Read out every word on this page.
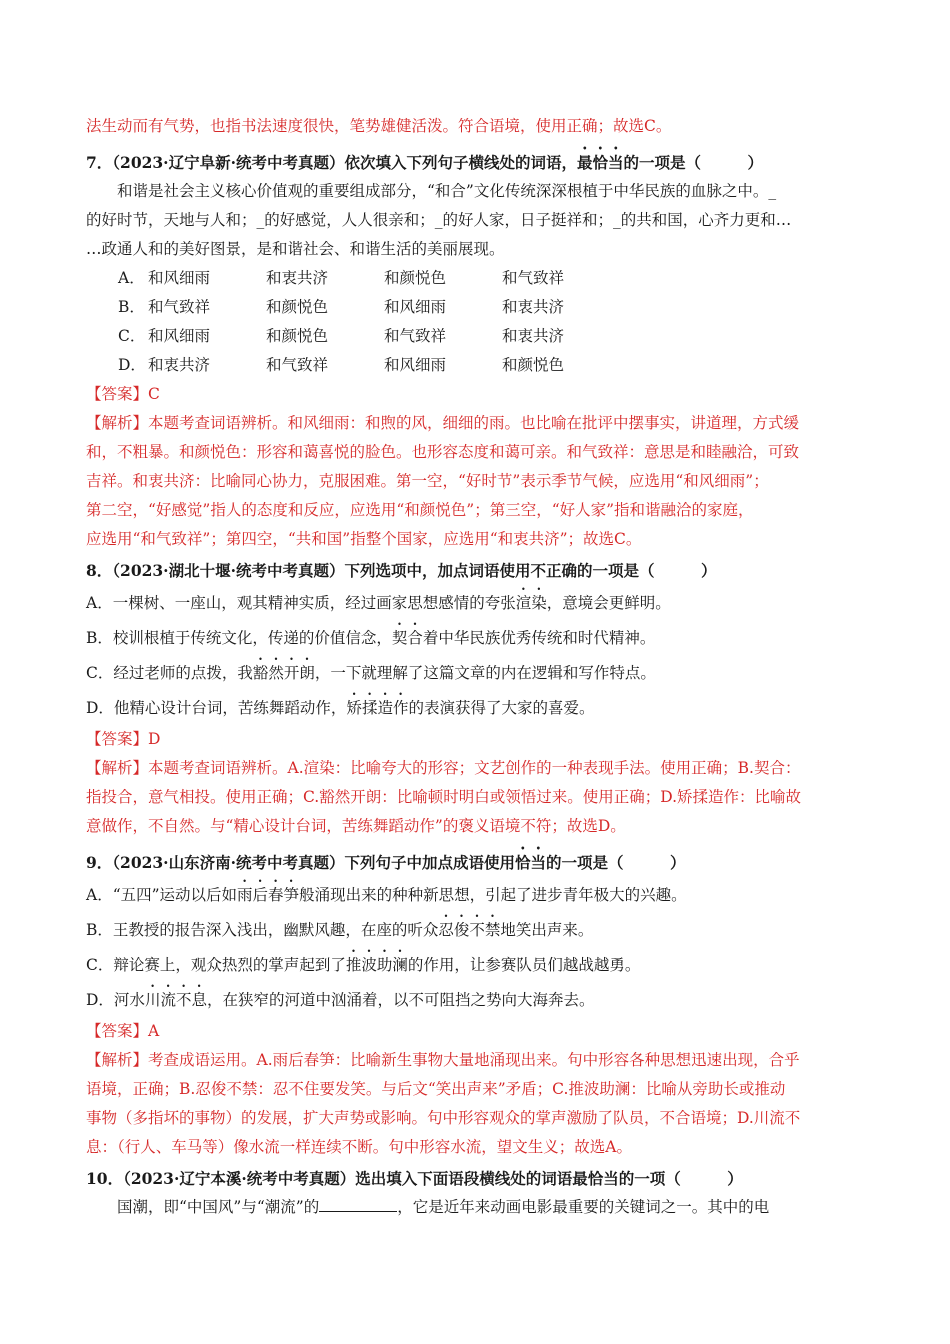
法生动而有气势，也指书法速度很快，笔势雄健活泼。符合语境，使用正确；故选C。
7．（2023·辽宁阜新·统考中考真题）依次填入下列句子横线处的词语，最恰当的一项是（　　　）
和谐是社会主义核心价值观的重要组成部分，“和合”文化传统深深根植于中华民族的血脉之中。_
的好时节，天地与人和；_的好感觉，人人很亲和；_的好人家，日子挺祥和；_的共和国，心齐力更和…
…政通人和的美好图景，是和谐社会、和谐生活的美丽展现。
A． 和风细雨	和衷共济	和颜悦色	和气致祥
B． 和气致祥	和颜悦色	和风细雨	和衷共济
C． 和风细雨	和颜悦色	和气致祥	和衷共济
D． 和衷共济	和气致祥	和风细雨	和颜悦色
【答案】C
【解析】本题考查词语辨析。和风细雨：和煦的风，细细的雨。也比喻在批评中摆事实，讲道理，方式缓
和，不粗暴。和颜悦色：形容和蔼喜悦的脸色。也形容态度和蔼可亲。和气致祥：意思是和睦融洽，可致
吉祥。和衷共济：比喻同心协力，克服困难。第一空，“好时节”表示季节气候，应选用“和风细雨”；
第二空，“好感觉”指人的态度和反应，应选用“和颜悦色”；第三空，“好人家”指和谐融洽的家庭，
应选用“和气致祥”；第四空，“共和国”指整个国家，应选用“和衷共济”；故选C。
8．（2023·湖北十堰·统考中考真题）下列选项中，加点词语使用不正确的一项是（　　　）
A．一棵树、一座山，观其精神实质，经过画家思想感情的夸张渲染，意境会更鲜明。
B．校训根植于传统文化，传递的价值信念，契合着中华民族优秀传统和时代精神。
C．经过老师的点拨，我豁然开朗，一下就理解了这篇文章的内在逻辑和写作特点。
D．他精心设计台词，苦练舞蹈动作，矫揉造作的表演获得了大家的喜爱。
【答案】D
【解析】本题考查词语辨析。A.渲染：比喻夸大的形容；文艺创作的一种表现手法。使用正确；B.契合：
指投合，意气相投。使用正确；C.豁然开朗：比喻顿时明白或领悟过来。使用正确；D.矫揉造作：比喻故
意做作，不自然。与“精心设计台词，苦练舞蹈动作”的褒义语境不符；故选D。
9．（2023·山东济南·统考中考真题）下列句子中加点成语使用恰当的一项是（　　　）
A．“五四”运动以后如雨后春笋般涌现出来的种种新思想，引起了进步青年极大的兴趣。
B．王教授的报告深入浅出，幽默风趣，在座的听众忍俊不禁地笑出声来。
C．辩论赛上，观众热烈的掌声起到了推波助澜的作用，让参赛队员们越战越勇。
D．河水川流不息，在狭窄的河道中汹涌着，以不可阻挡之势向大海奔去。
【答案】A
【解析】考查成语运用。A.雨后春笋：比喻新生事物大量地涌现出来。句中形容各种思想迅速出现，合乎
语境，正确；B.忍俊不禁：忍不住要发笑。与后文“笑出声来”矛盾；C.推波助澜：比喻从旁助长或推动
事物（多指坏的事物）的发展，扩大声势或影响。句中形容观众的掌声激励了队员，不合语境；D.川流不
息：（行人、车马等）像水流一样连续不断。句中形容水流，望文生义；故选A。
10．（2023·辽宁本溪·统考中考真题）选出填入下面语段横线处的词语最恰当的一项（　　　）
国潮，即“中国风”与“潮流”的	，它是近年来动画电影最重要的关键词之一。其中的电
